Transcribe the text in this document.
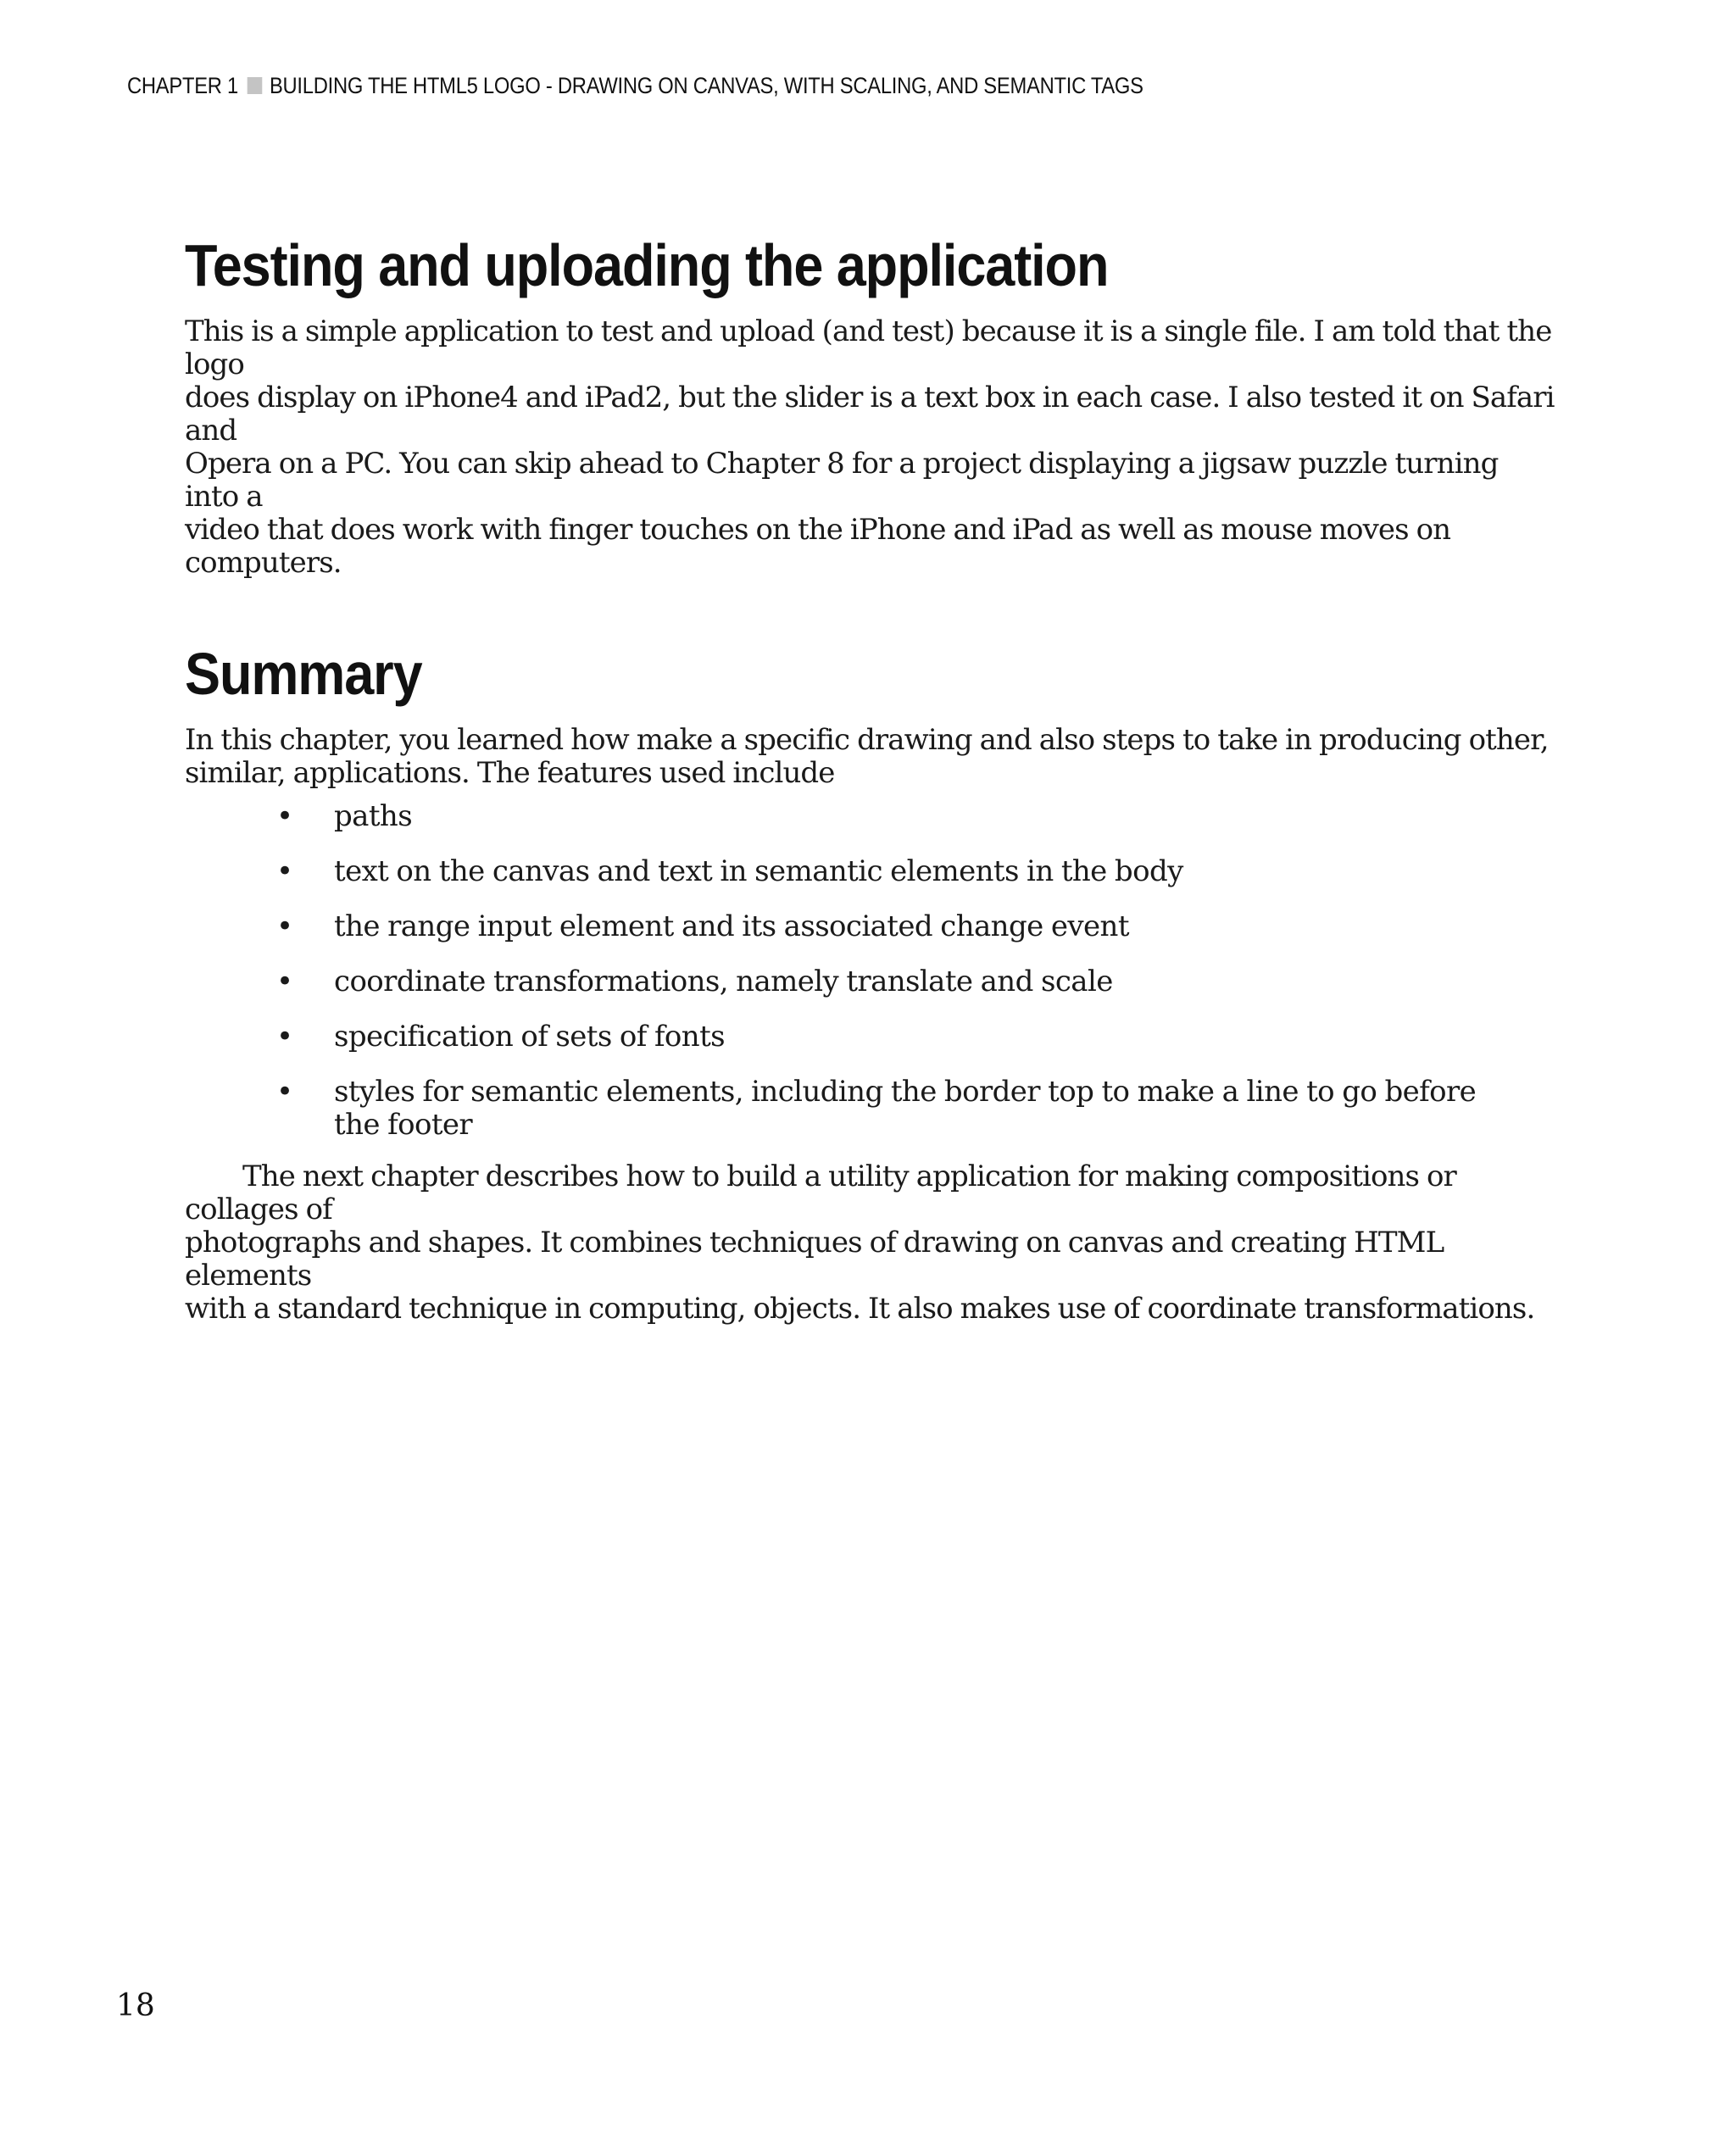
CHAPTER 1 BUILDING THE HTML5 LOGO - DRAWING ON CANVAS, WITH SCALING, AND SEMANTIC TAGS
Testing and uploading the application

This is a simple application to test and upload (and test) because it is a single file. I am told that the logo
does display on iPhone4 and iPad2, but the slider is a text box in each case. I also tested it on Safari and
Opera on a PC. You can skip ahead to Chapter 8 for a project displaying a jigsaw puzzle turning into a
video that does work with finger touches on the iPhone and iPad as well as mouse moves on computers.

Summary

In this chapter, you learned how make a specific drawing and also steps to take in producing other,
similar, applications. The features used include

• paths
• text on the canvas and text in semantic elements in the body
• the range input element and its associated change event
• coordinate transformations, namely translate and scale
• specification of sets of fonts
• styles for semantic elements, including the border top to make a line to go before
the footer

The next chapter describes how to build a utility application for making compositions or collages of
photographs and shapes. It combines techniques of drawing on canvas and creating HTML elements
with a standard technique in computing, objects. It also makes use of coordinate transformations.

18
